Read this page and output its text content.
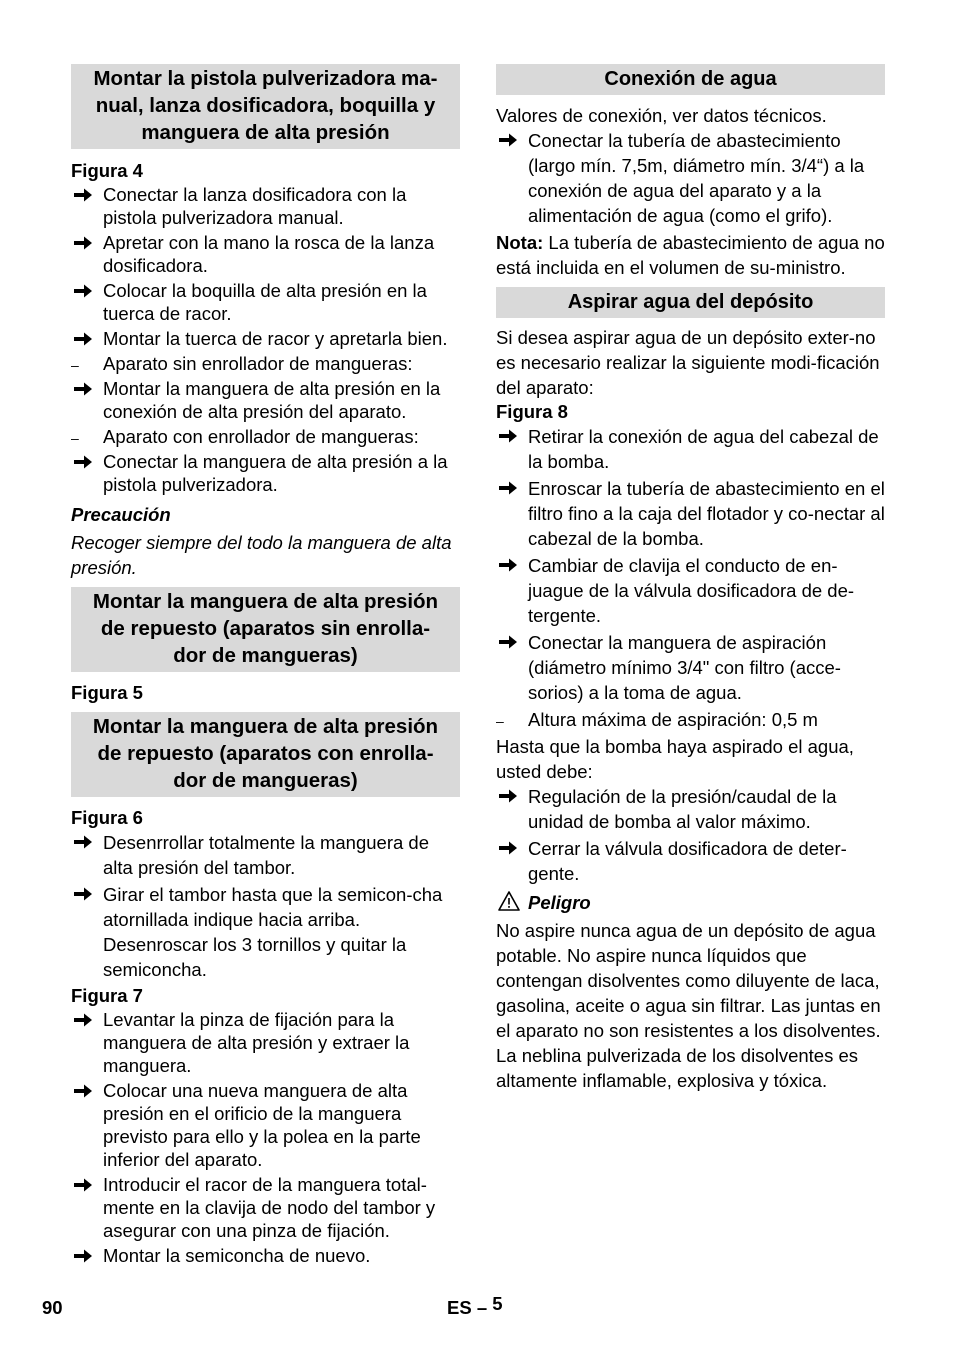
Montar la pistola pulverizadora ma-
nual, lanza dosificadora, boquilla y
manguera de alta presión
Figura 4
Conectar la lanza dosificadora con la pistola pulverizadora manual.
Apretar con la mano la rosca de la lanza dosificadora.
Colocar la boquilla de alta presión en la tuerca de racor.
Montar la tuerca de racor y apretarla bien.
–	Aparato sin enrollador de mangueras:
Montar la manguera de alta presión en la conexión de alta presión del aparato.
–	Aparato con enrollador de mangueras:
Conectar la manguera de alta presión a la pistola pulverizadora.
Precaución
Recoger siempre del todo la manguera de alta presión.
Montar la manguera de alta presión
de repuesto (aparatos sin enrolla-
dor de mangueras)
Figura 5
Montar la manguera de alta presión
de repuesto (aparatos con enrolla-
dor de mangueras)
Figura 6
Desenrrollar totalmente la manguera de alta presión del tambor.
Girar el tambor hasta que la semicon-cha atornillada indique hacia arriba. Desenroscar los 3 tornillos y quitar la semiconcha.
Figura 7
Levantar la pinza de fijación para la manguera de alta presión y extraer la manguera.
Colocar una nueva manguera de alta presión en el orificio de la manguera previsto para ello y la polea en la parte inferior del aparato.
Introducir el racor de la manguera total-mente en la clavija de nodo del tambor y asegurar con una pinza de fijación.
Montar la semiconcha de nuevo.
Conexión de agua
Valores de conexión, ver datos técnicos.
Conectar la tubería de abastecimiento (largo mín. 7,5m, diámetro mín. 3/4“) a la conexión de agua del aparato y a la alimentación de agua (como el grifo).
Nota: La tubería de abastecimiento de agua no está incluida en el volumen de su-ministro.
Aspirar agua del depósito
Si desea aspirar agua de un depósito exter-no es necesario realizar la siguiente modi-ficación del aparato:
Figura 8
Retirar la conexión de agua del cabezal de la bomba.
Enroscar la tubería de abastecimiento en el filtro fino a la caja del flotador y co-nectar al cabezal de la bomba.
Cambiar de clavija el conducto de en-juague de la válvula dosificadora de de-tergente.
Conectar la manguera de aspiración (diámetro mínimo 3/4" con filtro (acce-sorios) a la toma de agua.
–	Altura máxima de aspiración: 0,5 m
Hasta que la bomba haya aspirado el agua, usted debe:
Regulación de la presión/caudal de la unidad de bomba al valor máximo.
Cerrar la válvula dosificadora de deter-gente.
Peligro
No aspire nunca agua de un depósito de agua potable. No aspire nunca líquidos que contengan disolventes como diluyente de laca, gasolina, aceite o agua sin filtrar. Las juntas en el aparato no son resistentes a los disolventes. La neblina pulverizada de los disolventes es altamente inflamable, explosiva y tóxica.
90	ES – 5
